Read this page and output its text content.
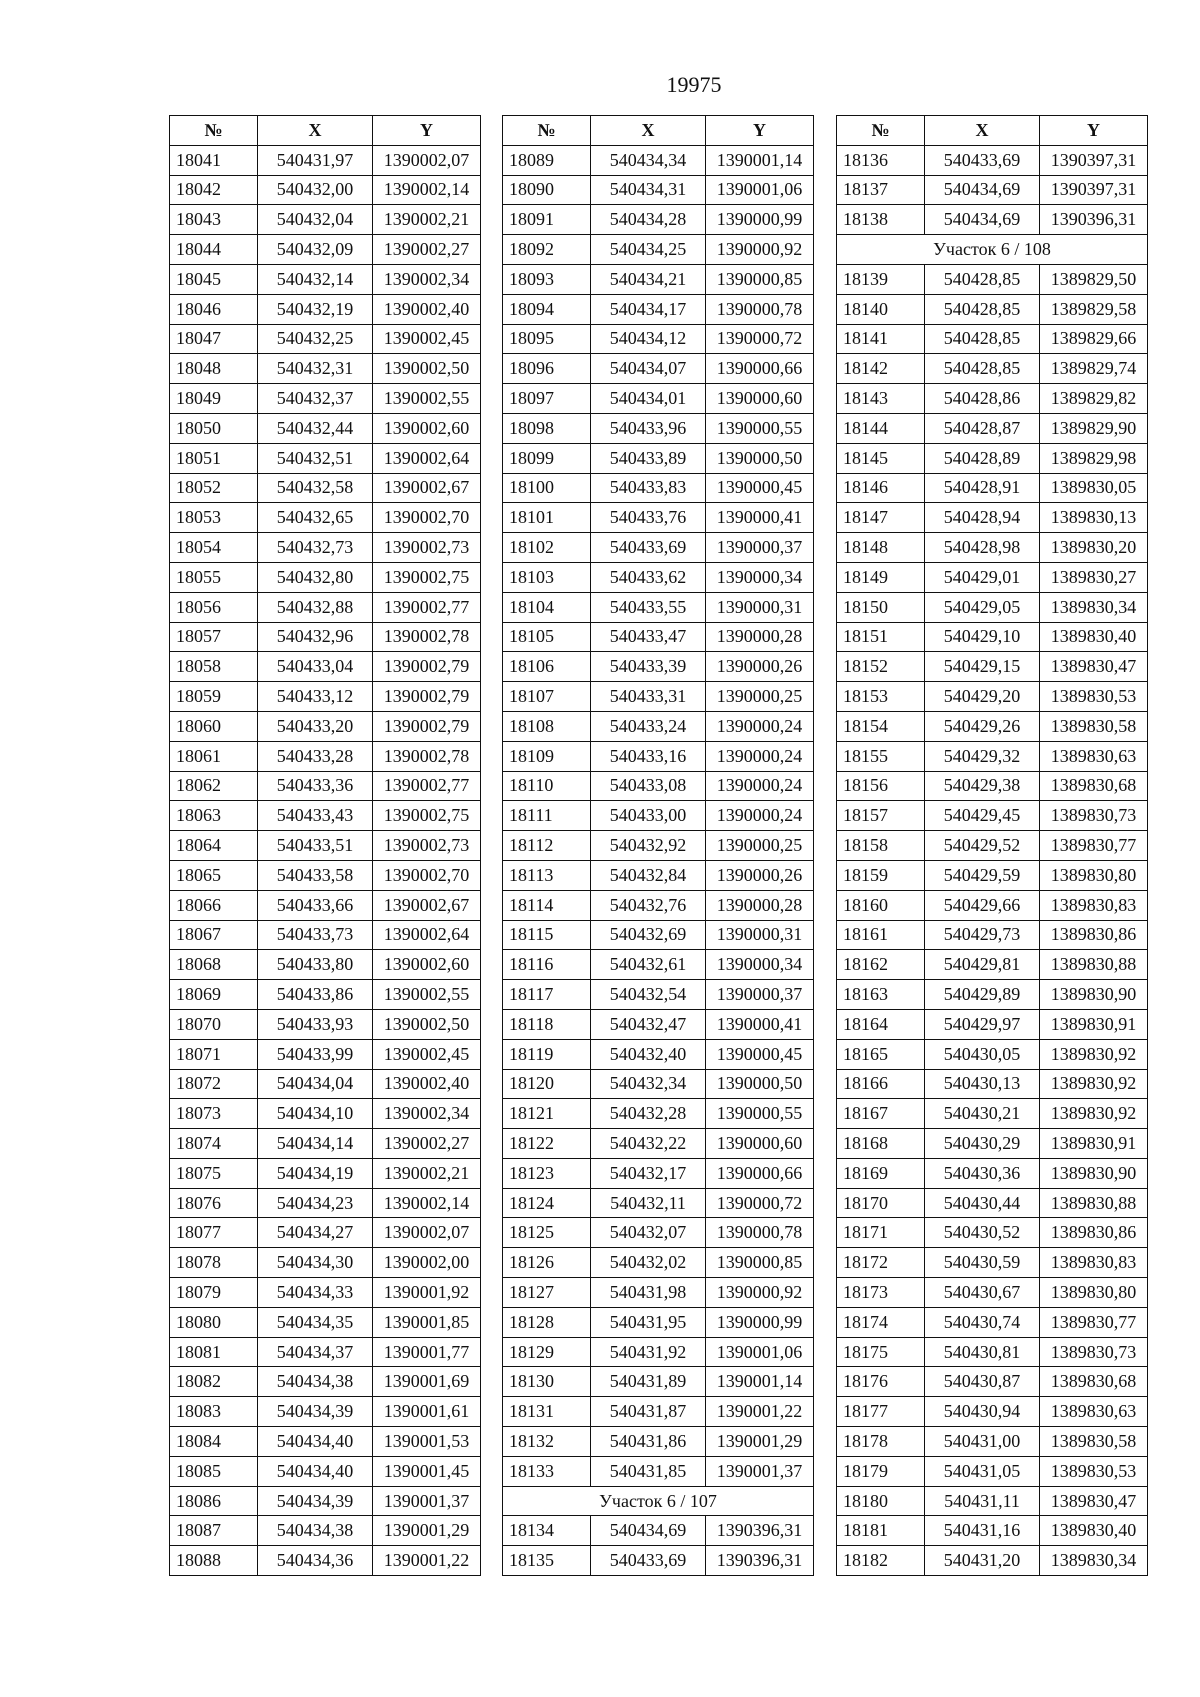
19975
№	X	Y
18041	540431,97	1390002,07
18042	540432,00	1390002,14
18043	540432,04	1390002,21
18044	540432,09	1390002,27
18045	540432,14	1390002,34
18046	540432,19	1390002,40
18047	540432,25	1390002,45
18048	540432,31	1390002,50
18049	540432,37	1390002,55
18050	540432,44	1390002,60
18051	540432,51	1390002,64
18052	540432,58	1390002,67
18053	540432,65	1390002,70
18054	540432,73	1390002,73
18055	540432,80	1390002,75
18056	540432,88	1390002,77
18057	540432,96	1390002,78
18058	540433,04	1390002,79
18059	540433,12	1390002,79
18060	540433,20	1390002,79
18061	540433,28	1390002,78
18062	540433,36	1390002,77
18063	540433,43	1390002,75
18064	540433,51	1390002,73
18065	540433,58	1390002,70
18066	540433,66	1390002,67
18067	540433,73	1390002,64
18068	540433,80	1390002,60
18069	540433,86	1390002,55
18070	540433,93	1390002,50
18071	540433,99	1390002,45
18072	540434,04	1390002,40
18073	540434,10	1390002,34
18074	540434,14	1390002,27
18075	540434,19	1390002,21
18076	540434,23	1390002,14
18077	540434,27	1390002,07
18078	540434,30	1390002,00
18079	540434,33	1390001,92
18080	540434,35	1390001,85
18081	540434,37	1390001,77
18082	540434,38	1390001,69
18083	540434,39	1390001,61
18084	540434,40	1390001,53
18085	540434,40	1390001,45
18086	540434,39	1390001,37
18087	540434,38	1390001,29
18088	540434,36	1390001,22
№	X	Y
18089	540434,34	1390001,14
18090	540434,31	1390001,06
18091	540434,28	1390000,99
18092	540434,25	1390000,92
18093	540434,21	1390000,85
18094	540434,17	1390000,78
18095	540434,12	1390000,72
18096	540434,07	1390000,66
18097	540434,01	1390000,60
18098	540433,96	1390000,55
18099	540433,89	1390000,50
18100	540433,83	1390000,45
18101	540433,76	1390000,41
18102	540433,69	1390000,37
18103	540433,62	1390000,34
18104	540433,55	1390000,31
18105	540433,47	1390000,28
18106	540433,39	1390000,26
18107	540433,31	1390000,25
18108	540433,24	1390000,24
18109	540433,16	1390000,24
18110	540433,08	1390000,24
18111	540433,00	1390000,24
18112	540432,92	1390000,25
18113	540432,84	1390000,26
18114	540432,76	1390000,28
18115	540432,69	1390000,31
18116	540432,61	1390000,34
18117	540432,54	1390000,37
18118	540432,47	1390000,41
18119	540432,40	1390000,45
18120	540432,34	1390000,50
18121	540432,28	1390000,55
18122	540432,22	1390000,60
18123	540432,17	1390000,66
18124	540432,11	1390000,72
18125	540432,07	1390000,78
18126	540432,02	1390000,85
18127	540431,98	1390000,92
18128	540431,95	1390000,99
18129	540431,92	1390001,06
18130	540431,89	1390001,14
18131	540431,87	1390001,22
18132	540431,86	1390001,29
18133	540431,85	1390001,37
Участок 6 / 107		
18134	540434,69	1390396,31
18135	540433,69	1390396,31
№	X	Y
18136	540433,69	1390397,31
18137	540434,69	1390397,31
18138	540434,69	1390396,31
Участок 6 / 108		
18139	540428,85	1389829,50
18140	540428,85	1389829,58
18141	540428,85	1389829,66
18142	540428,85	1389829,74
18143	540428,86	1389829,82
18144	540428,87	1389829,90
18145	540428,89	1389829,98
18146	540428,91	1389830,05
18147	540428,94	1389830,13
18148	540428,98	1389830,20
18149	540429,01	1389830,27
18150	540429,05	1389830,34
18151	540429,10	1389830,40
18152	540429,15	1389830,47
18153	540429,20	1389830,53
18154	540429,26	1389830,58
18155	540429,32	1389830,63
18156	540429,38	1389830,68
18157	540429,45	1389830,73
18158	540429,52	1389830,77
18159	540429,59	1389830,80
18160	540429,66	1389830,83
18161	540429,73	1389830,86
18162	540429,81	1389830,88
18163	540429,89	1389830,90
18164	540429,97	1389830,91
18165	540430,05	1389830,92
18166	540430,13	1389830,92
18167	540430,21	1389830,92
18168	540430,29	1389830,91
18169	540430,36	1389830,90
18170	540430,44	1389830,88
18171	540430,52	1389830,86
18172	540430,59	1389830,83
18173	540430,67	1389830,80
18174	540430,74	1389830,77
18175	540430,81	1389830,73
18176	540430,87	1389830,68
18177	540430,94	1389830,63
18178	540431,00	1389830,58
18179	540431,05	1389830,53
18180	540431,11	1389830,47
18181	540431,16	1389830,40
18182	540431,20	1389830,34
